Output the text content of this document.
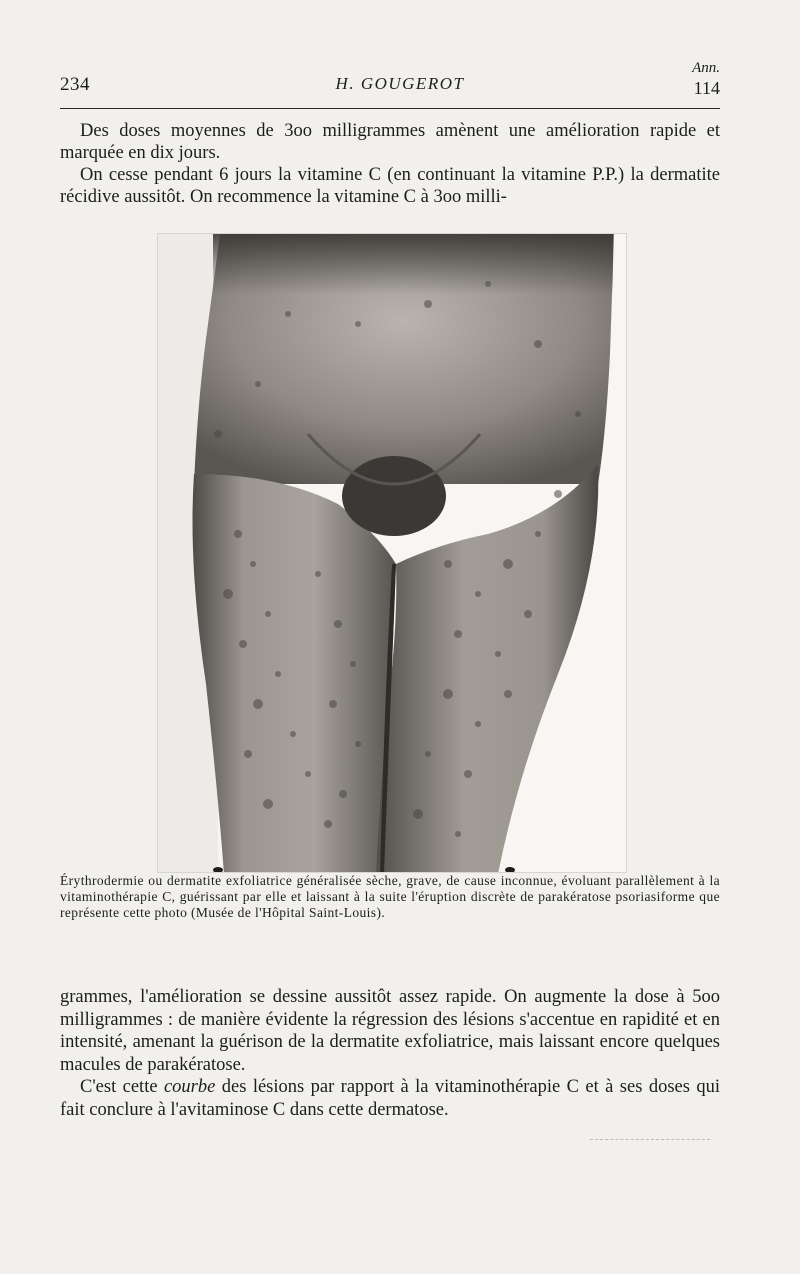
234	H. GOUGEROT
Ann.
114

Des doses moyennes de 3oo milligrammes amènent une amélioration rapide et marquée en dix jours.

On cesse pendant 6 jours la vitamine C (en continuant la vitamine P.P.) la dermatite récidive aussitôt. On recommence la vitamine C à 3oo milli-

Érythrodermie ou dermatite exfoliatrice généralisée sèche, grave, de cause inconnue, évoluant parallèlement à la vitaminothérapie C, guérissant par elle et laissant à la suite l'éruption discrète de parakératose psoriasiforme que représente cette photo (Musée de l'Hôpital Saint-Louis).

grammes, l'amélioration se dessine aussitôt assez rapide. On augmente la dose à 5oo milligrammes : de manière évidente la régression des lésions s'accentue en rapidité et en intensité, amenant la guérison de la dermatite exfoliatrice, mais laissant encore quelques macules de parakératose.
C'est cette courbe des lésions par rapport à la vitaminothérapie C et à ses doses qui fait conclure à l'avitaminose C dans cette dermatose.
